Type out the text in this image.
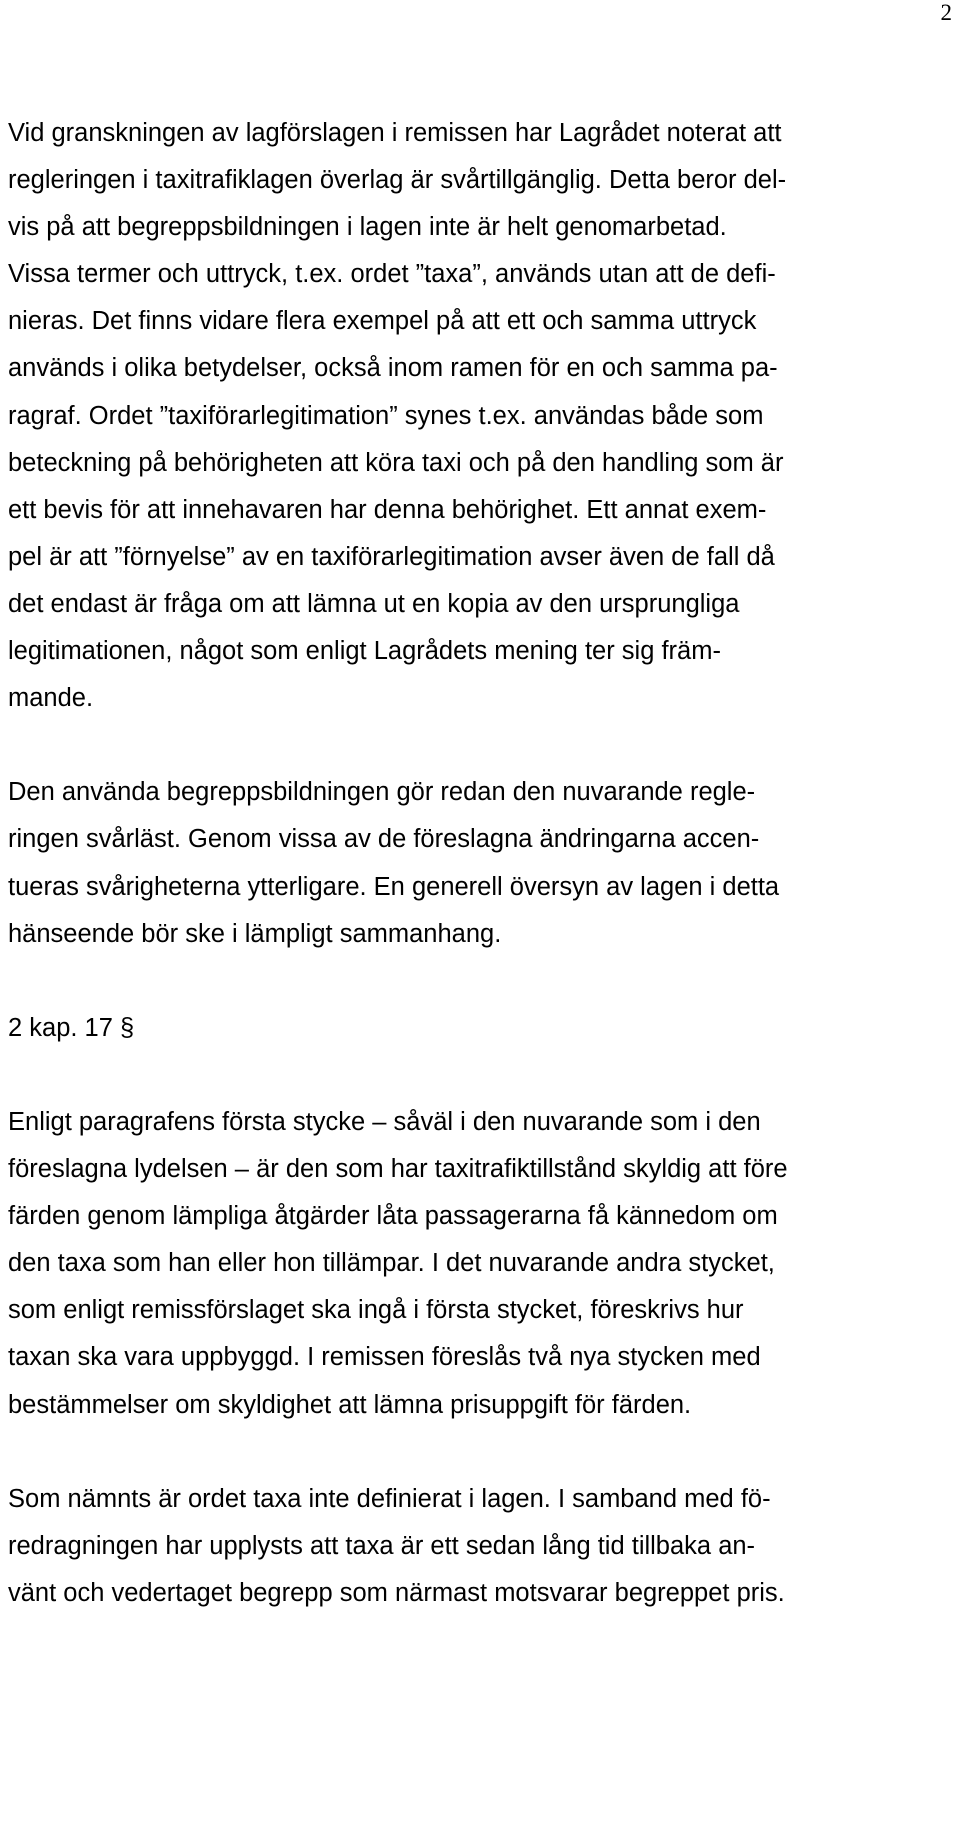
2
Vid granskningen av lagförslagen i remissen har Lagrådet noterat att
regleringen i taxitrafiklagen överlag är svårtillgänglig. Detta beror del-
vis på att begreppsbildningen i lagen inte är helt genomarbetad.
Vissa termer och uttryck, t.ex. ordet ”taxa”, används utan att de defi-
nieras. Det finns vidare flera exempel på att ett och samma uttryck
används i olika betydelser, också inom ramen för en och samma pa-
ragraf. Ordet ”taxiförarlegitimation” synes t.ex. användas både som
beteckning på behörigheten att köra taxi och på den handling som är
ett bevis för att innehavaren har denna behörighet. Ett annat exem-
pel är att ”förnyelse” av en taxiförarlegitimation avser även de fall då
det endast är fråga om att lämna ut en kopia av den ursprungliga
legitimationen, något som enligt Lagrådets mening ter sig främ-
mande.
Den använda begreppsbildningen gör redan den nuvarande regle-
ringen svårläst. Genom vissa av de föreslagna ändringarna accen-
tueras svårigheterna ytterligare. En generell översyn av lagen i detta
hänseende bör ske i lämpligt sammanhang.
2 kap. 17 §
Enligt paragrafens första stycke – såväl i den nuvarande som i den
föreslagna lydelsen – är den som har taxitrafiktillstånd skyldig att före
färden genom lämpliga åtgärder låta passagerarna få kännedom om
den taxa som han eller hon tillämpar. I det nuvarande andra stycket,
som enligt remissförslaget ska ingå i första stycket, föreskrivs hur
taxan ska vara uppbyggd. I remissen föreslås två nya stycken med
bestämmelser om skyldighet att lämna prisuppgift för färden.
Som nämnts är ordet taxa inte definierat i lagen. I samband med fö-
redragningen har upplysts att taxa är ett sedan lång tid tillbaka an-
vänt och vedertaget begrepp som närmast motsvarar begreppet pris.
